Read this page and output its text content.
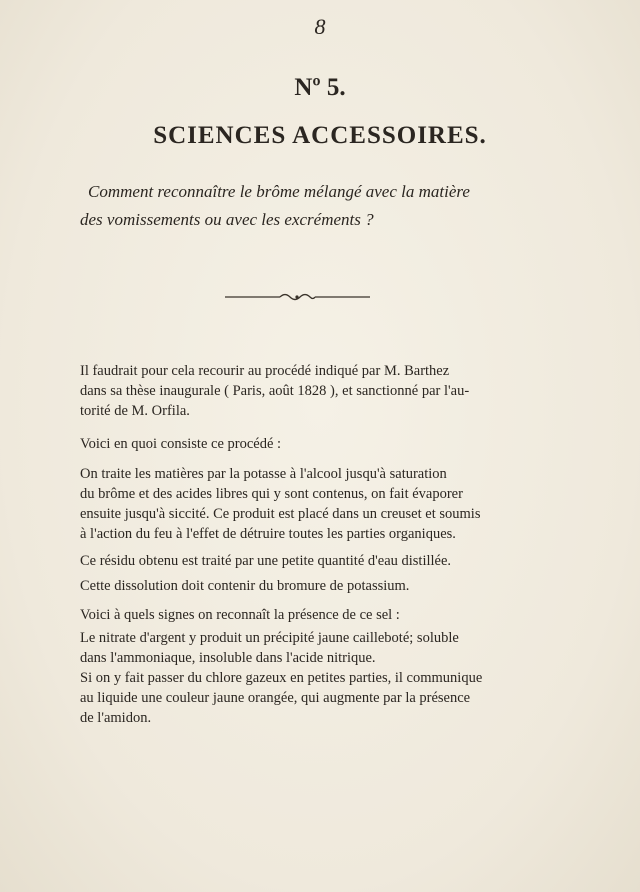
8
Nº 5.
SCIENCES ACCESSOIRES.
Comment reconnaître le brôme mélangé avec la matière
des vomissements ou avec les excréments ?
Il faudrait pour cela recourir au procédé indiqué par M. Barthez
dans sa thèse inaugurale ( Paris, août 1828 ), et sanctionné par l'au-
torité de M. Orfila.
Voici en quoi consiste ce procédé :
On traite les matières par la potasse à l'alcool jusqu'à saturation
du brôme et des acides libres qui y sont contenus, on fait évaporer
ensuite jusqu'à siccité. Ce produit est placé dans un creuset et soumis
à l'action du feu à l'effet de détruire toutes les parties organiques.
Ce résidu obtenu est traité par une petite quantité d'eau distillée.
Cette dissolution doit contenir du bromure de potassium.
Voici à quels signes on reconnaît la présence de ce sel :
Le nitrate d'argent y produit un précipité jaune cailleboté; soluble
dans l'ammoniaque, insoluble dans l'acide nitrique.
Si on y fait passer du chlore gazeux en petites parties, il communique
au liquide une couleur jaune orangée, qui augmente par la présence
de l'amidon.
